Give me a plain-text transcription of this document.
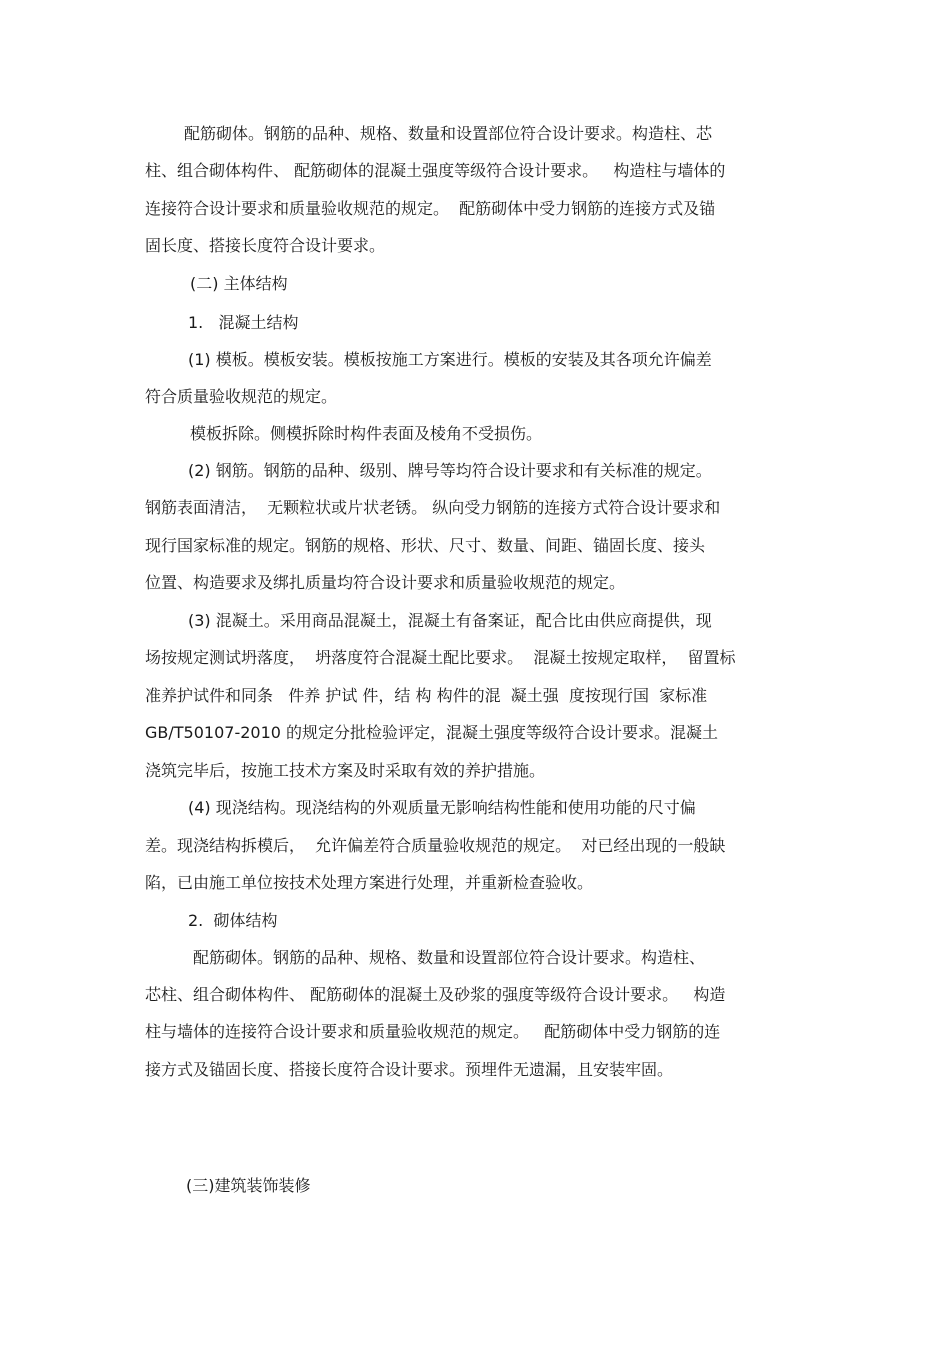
配筋砌体。钢筋的品种、规格、数量和设置部位符合设计要求。构造柱、芯

柱、组合砌体构件、 配筋砌体的混凝土强度等级符合设计要求。   构造柱与墙体的

连接符合设计要求和质量验收规范的规定。  配筋砌体中受力钢筋的连接方式及锚

固长度、搭接长度符合设计要求。

(二) 主体结构

1.   混凝土结构

(1) 模板。模板安装。模板按施工方案进行。模板的安装及其各项允许偏差

符合质量验收规范的规定。

模板拆除。侧模拆除时构件表面及棱角不受损伤。

(2) 钢筋。钢筋的品种、级别、牌号等均符合设计要求和有关标准的规定。

钢筋表面清洁，  无颗粒状或片状老锈。 纵向受力钢筋的连接方式符合设计要求和

现行国家标准的规定。钢筋的规格、形状、尺寸、数量、间距、锚固长度、接头

位置、构造要求及绑扎质量均符合设计要求和质量验收规范的规定。

(3) 混凝土。采用商品混凝土，混凝土有备案证，配合比由供应商提供，现

场按规定测试坍落度，  坍落度符合混凝土配比要求。  混凝土按规定取样，  留置标

准养护试件和同条   件养 护试 件，结 构 构件的混  凝土强  度按现行国  家标准

GB/T50107-2010 的规定分批检验评定，混凝土强度等级符合设计要求。混凝土

浇筑完毕后，按施工技术方案及时采取有效的养护措施。

(4) 现浇结构。现浇结构的外观质量无影响结构性能和使用功能的尺寸偏

差。现浇结构拆模后，  允许偏差符合质量验收规范的规定。  对已经出现的一般缺

陷，已由施工单位按技术处理方案进行处理，并重新检查验收。

2.  砌体结构

配筋砌体。钢筋的品种、规格、数量和设置部位符合设计要求。构造柱、

芯柱、组合砌体构件、 配筋砌体的混凝土及砂浆的强度等级符合设计要求。   构造

柱与墙体的连接符合设计要求和质量验收规范的规定。   配筋砌体中受力钢筋的连

接方式及锚固长度、搭接长度符合设计要求。预埋件无遗漏，且安装牢固。

(三)建筑装饰装修
